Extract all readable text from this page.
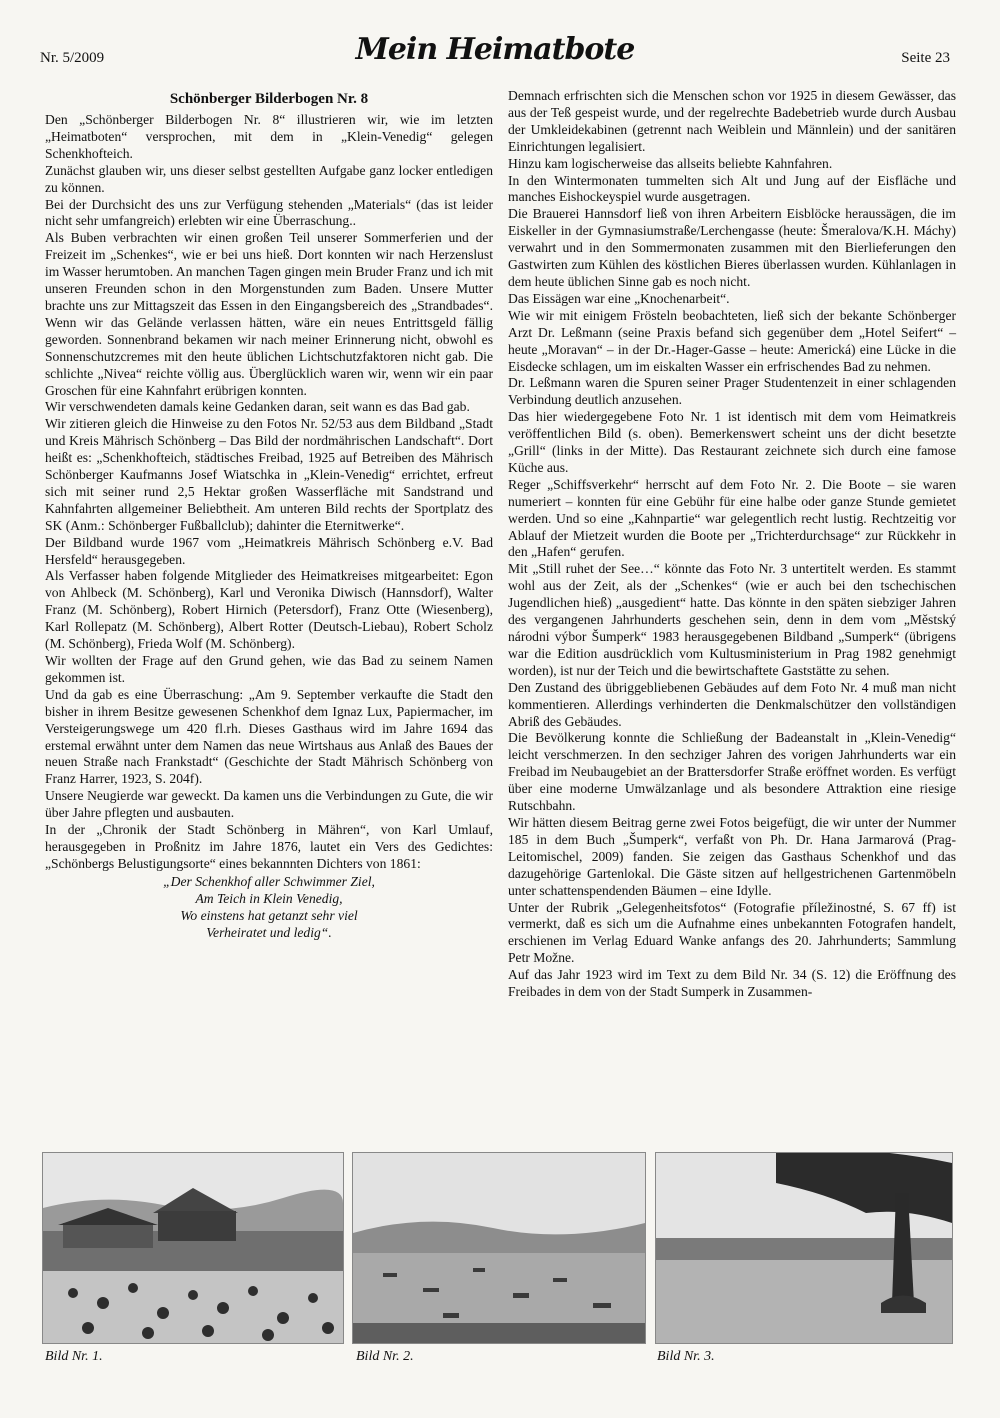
Nr. 5/2009	Mein Heimatbote	Seite 23
Schönberger Bilderbogen Nr. 8

Den „Schönberger Bilderbogen Nr. 8“ illustrieren wir, wie im letzten „Heimatboten“ versprochen, mit dem in „Klein-Venedig“ gelegen Schenkhofteich.

Zunächst glauben wir, uns dieser selbst gestellten Aufgabe ganz locker entledigen zu können.

Bei der Durchsicht des uns zur Verfügung stehenden „Materials“ (das ist leider nicht sehr umfangreich) erlebten wir eine Überraschung..

Als Buben verbrachten wir einen großen Teil unserer Sommerferien und der Freizeit im „Schenkes“, wie er bei uns hieß. Dort konnten wir nach Herzenslust im Wasser herumtoben. An manchen Tagen gingen mein Bruder Franz und ich mit unseren Freunden schon in den Morgenstunden zum Baden. Unsere Mutter brachte uns zur Mittagszeit das Essen in den Eingangsbereich des „Strandbades“. Wenn wir das Gelände verlassen hätten, wäre ein neues Entrittsgeld fällig geworden. Sonnenbrand bekamen wir nach meiner Erinnerung nicht, obwohl es Sonnenschutzcremes mit den heute üblichen Lichtschutzfaktoren nicht gab. Die schlichte „Nivea“ reichte völlig aus. Überglücklich waren wir, wenn wir ein paar Groschen für eine Kahnfahrt erübrigen konnten.

Wir verschwendeten damals keine Gedanken daran, seit wann es das Bad gab.

Wir zitieren gleich die Hinweise zu den Fotos Nr. 52/53 aus dem Bildband „Stadt und Kreis Mährisch Schönberg – Das Bild der nordmährischen Landschaft“. Dort heißt es: „Schenkhofteich, städtisches Freibad, 1925 auf Betreiben des Mährisch Schönberger Kaufmanns Josef Wiatschka in „Klein-Venedig“ errichtet, erfreut sich mit seiner rund 2,5 Hektar großen Wasserfläche mit Sandstrand und Kahnfahrten allgemeiner Beliebtheit. Am unteren Bild rechts der Sportplatz des SK (Anm.: Schönberger Fußballclub); dahinter die Eternitwerke“.

Der Bildband wurde 1967 vom „Heimatkreis Mährisch Schönberg e.V. Bad Hersfeld“ herausgegeben.

Als Verfasser haben folgende Mitglieder des Heimatkreises mitgearbeitet: Egon von Ahlbeck (M. Schönberg), Karl und Veronika Diwisch (Hannsdorf), Walter Franz (M. Schönberg), Robert Hirnich (Petersdorf), Franz Otte (Wiesenberg), Karl Rollepatz (M. Schönberg), Albert Rotter (Deutsch-Liebau), Robert Scholz (M. Schönberg), Frieda Wolf (M. Schönberg).

Wir wollten der Frage auf den Grund gehen, wie das Bad zu seinem Namen gekommen ist.

Und da gab es eine Überraschung: „Am 9. September verkaufte die Stadt den bisher in ihrem Besitze gewesenen Schenkhof dem Ignaz Lux, Papiermacher, im Versteigerungswege um 420 fl.rh. Dieses Gasthaus wird im Jahre 1694 das erstemal erwähnt unter dem Namen das neue Wirtshaus aus Anlaß des Baues der neuen Straße nach Frankstadt“ (Geschichte der Stadt Mährisch Schönberg von Franz Harrer, 1923, S. 204f).

Unsere Neugierde war geweckt. Da kamen uns die Verbindungen zu Gute, die wir über Jahre pflegten und ausbauten.

In der „Chronik der Stadt Schönberg in Mähren“, von Karl Umlauf, herausgegeben in Proßnitz im Jahre 1876, lautet ein Vers des Gedichtes: „Schönbergs Belustigungsorte“ eines bekannnten Dichters von 1861:

„Der Schenkhof aller Schwimmer Ziel,
Am Teich in Klein Venedig,
Wo einstens hat getanzt sehr viel
Verheiratet und ledig“.

Demnach erfrischten sich die Menschen schon vor 1925 in diesem Gewässer, das aus der Teß gespeist wurde, und der regelrechte Badebetrieb wurde durch Ausbau der Umkleidekabinen (getrennt nach Weiblein und Männlein) und der sanitären Einrichtungen legalisiert.

Hinzu kam logischerweise das allseits beliebte Kahnfahren.

In den Wintermonaten tummelten sich Alt und Jung auf der Eisfläche und manches Eishockeyspiel wurde ausgetragen.

Die Brauerei Hannsdorf ließ von ihren Arbeitern Eisblöcke heraussägen, die im Eiskeller in der Gymnasiumstraße/Lerchengasse (heute: Šmeralova/K.H. Máchy) verwahrt und in den Sommermonaten zusammen mit den Bierlieferungen den Gastwirten zum Kühlen des köstlichen Bieres überlassen wurden. Kühlanlagen in dem heute üblichen Sinne gab es noch nicht.

Das Eissägen war eine „Knochenarbeit“.

Wie wir mit einigem Frösteln beobachteten, ließ sich der bekante Schönberger Arzt Dr. Leßmann (seine Praxis befand sich gegenüber dem „Hotel Seifert“ – heute „Moravan“ – in der Dr.-Hager-Gasse – heute: Americká) eine Lücke in die Eisdecke schlagen, um im eiskalten Wasser ein erfrischendes Bad zu nehmen.

Dr. Leßmann waren die Spuren seiner Prager Studentenzeit in einer schlagenden Verbindung deutlich anzusehen.

Das hier wiedergegebene Foto Nr. 1 ist identisch mit dem vom Heimatkreis veröffentlichen Bild (s. oben). Bemerkenswert scheint uns der dicht besetzte „Grill“ (links in der Mitte). Das Restaurant zeichnete sich durch eine famose Küche aus.

Reger „Schiffsverkehr“ herrscht auf dem Foto Nr. 2. Die Boote – sie waren numeriert – konnten für eine Gebühr für eine halbe oder ganze Stunde gemietet werden. Und so eine „Kahnpartie“ war gelegentlich recht lustig. Rechtzeitig vor Ablauf der Mietzeit wurden die Boote per „Trichterdurchsage“ zur Rückkehr in den „Hafen“ gerufen.

Mit „Still ruhet der See…“ könnte das Foto Nr. 3 untertitelt werden. Es stammt wohl aus der Zeit, als der „Schenkes“ (wie er auch bei den tschechischen Jugendlichen hieß) „ausgedient“ hatte. Das könnte in den späten siebziger Jahren des vergangenen Jahrhunderts geschehen sein, denn in dem vom „Městský národni výbor Šumperk“ 1983 herausgegebenen Bildband „Sumperk“ (übrigens war die Edition ausdrücklich vom Kultusministerium in Prag 1982 genehmigt worden), ist nur der Teich und die bewirtschaftete Gaststätte zu sehen.

Den Zustand des übriggebliebenen Gebäudes auf dem Foto Nr. 4 muß man nicht kommentieren. Allerdings verhinderten die Denkmalschützer den vollständigen Abriß des Gebäudes.

Die Bevölkerung konnte die Schließung der Badeanstalt in „Klein-Venedig“ leicht verschmerzen. In den sechziger Jahren des vorigen Jahrhunderts war ein Freibad im Neubaugebiet an der Brattersdorfer Straße eröffnet worden. Es verfügt über eine moderne Umwälzanlage und als besondere Attraktion eine riesige Rutschbahn.

Wir hätten diesem Beitrag gerne zwei Fotos beigefügt, die wir unter der Nummer 185 in dem Buch „Šumperk“, verfaßt von Ph. Dr. Hana Jarmarová (Prag-Leitomischel, 2009) fanden. Sie zeigen das Gasthaus Schenkhof und das dazugehörige Gartenlokal. Die Gäste sitzen auf hellgestrichenen Gartenmöbeln unter schattenspendenden Bäumen – eine Idylle.

Unter der Rubrik „Gelegenheitsfotos“ (Fotografie příležinostné, S. 67 ff) ist vermerkt, daß es sich um die Aufnahme eines unbekannten Fotografen handelt, erschienen im Verlag Eduard Wanke anfangs des 20. Jahrhunderts; Sammlung Petr Možne.

Auf das Jahr 1923 wird im Text zu dem Bild Nr. 34 (S. 12) die Eröffnung des Freibades in dem von der Stadt Sumperk in Zusammen-

Bild Nr. 1.	Bild Nr. 2.	Bild Nr. 3.
